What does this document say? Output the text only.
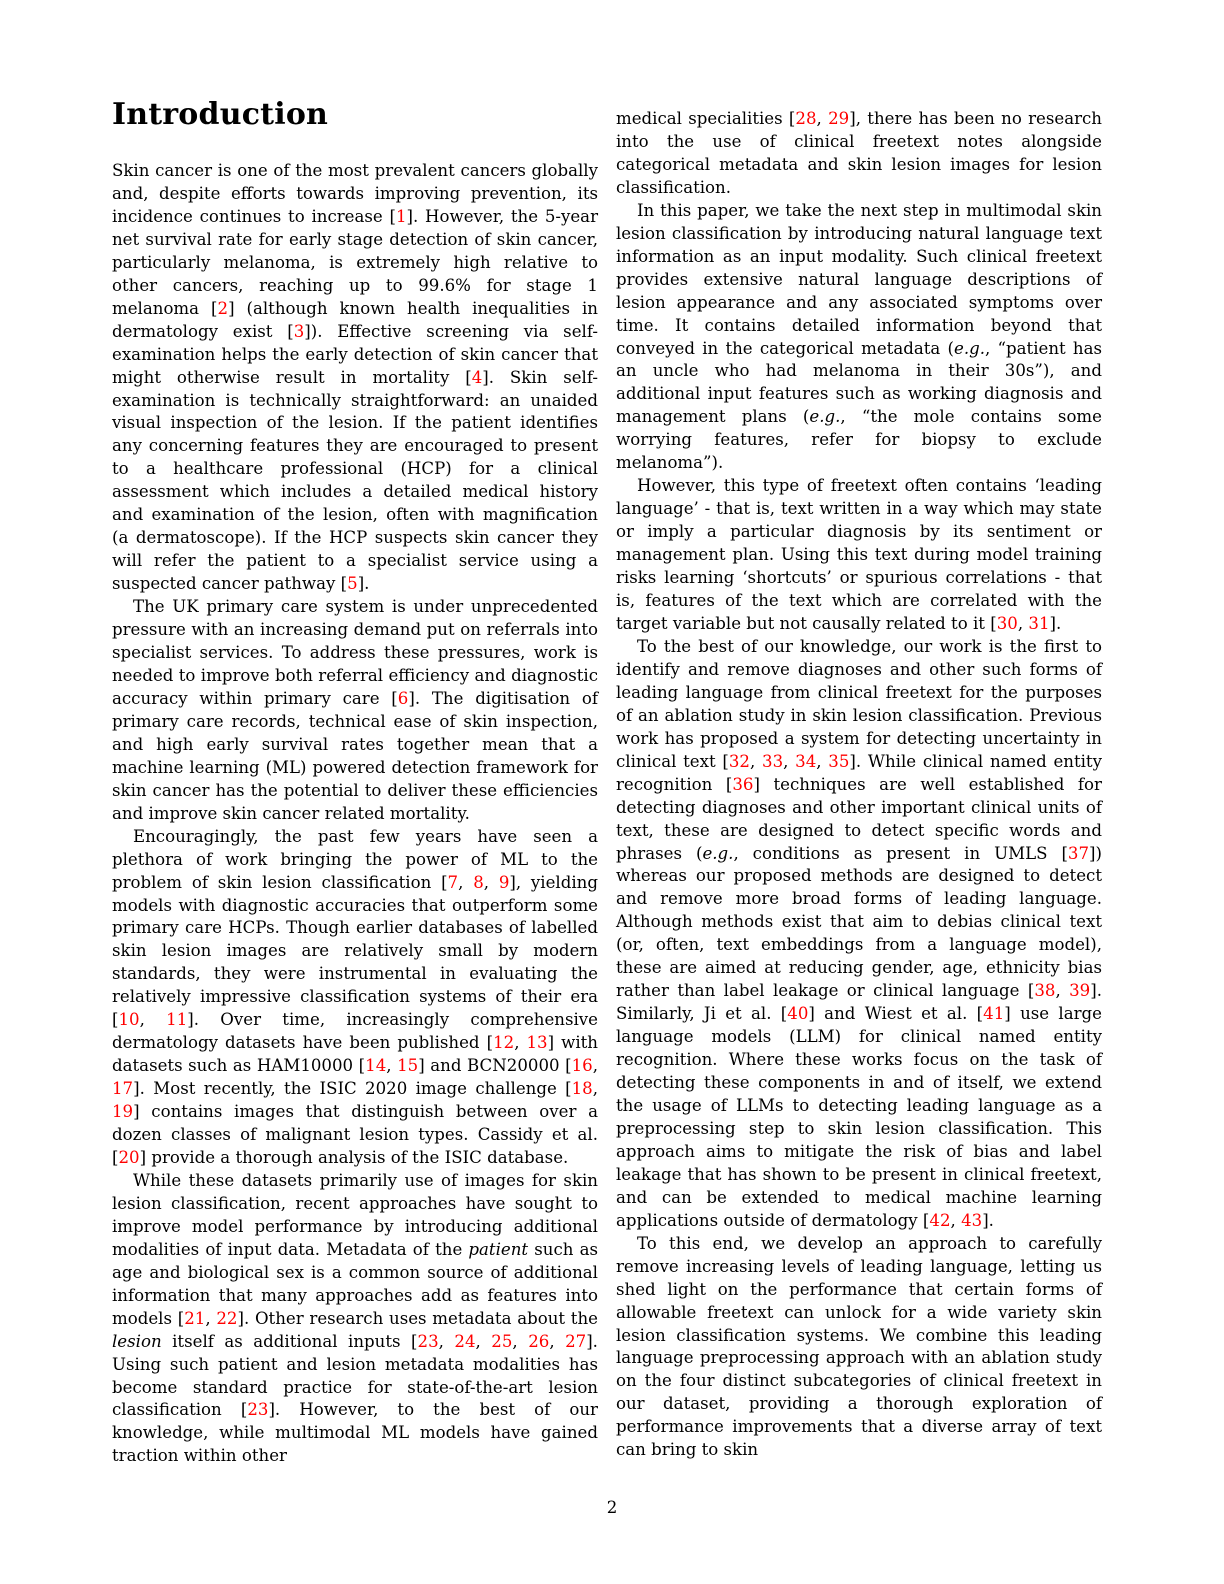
Introduction

Skin cancer is one of the most prevalent cancers globally and, despite efforts towards improving prevention, its incidence continues to increase [1]. However, the 5-year net survival rate for early stage detection of skin cancer, particularly melanoma, is extremely high relative to other cancers, reaching up to 99.6% for stage 1 melanoma [2] (although known health inequalities in dermatology exist [3]). Effective screening via self-examination helps the early detection of skin cancer that might otherwise result in mortality [4]. Skin self-examination is technically straightforward: an unaided visual inspection of the lesion. If the patient identifies any concerning features they are encouraged to present to a healthcare professional (HCP) for a clinical assessment which includes a detailed medical history and examination of the lesion, often with magnification (a dermatoscope). If the HCP suspects skin cancer they will refer the patient to a specialist service using a suspected cancer pathway [5].

The UK primary care system is under unprecedented pressure with an increasing demand put on referrals into specialist services. To address these pressures, work is needed to improve both referral efficiency and diagnostic accuracy within primary care [6]. The digitisation of primary care records, technical ease of skin inspection, and high early survival rates together mean that a machine learning (ML) powered detection framework for skin cancer has the potential to deliver these efficiencies and improve skin cancer related mortality.

Encouragingly, the past few years have seen a plethora of work bringing the power of ML to the problem of skin lesion classification [7, 8, 9], yielding models with diagnostic accuracies that outperform some primary care HCPs. Though earlier databases of labelled skin lesion images are relatively small by modern standards, they were instrumental in evaluating the relatively impressive classification systems of their era [10, 11]. Over time, increasingly comprehensive dermatology datasets have been published [12, 13] with datasets such as HAM10000 [14, 15] and BCN20000 [16, 17]. Most recently, the ISIC 2020 image challenge [18, 19] contains images that distinguish between over a dozen classes of malignant lesion types. Cassidy et al. [20] provide a thorough analysis of the ISIC database.

While these datasets primarily use of images for skin lesion classification, recent approaches have sought to improve model performance by introducing additional modalities of input data. Metadata of the patient such as age and biological sex is a common source of additional information that many approaches add as features into models [21, 22]. Other research uses metadata about the lesion itself as additional inputs [23, 24, 25, 26, 27]. Using such patient and lesion metadata modalities has become standard practice for state-of-the-art lesion classification [23]. However, to the best of our knowledge, while multimodal ML models have gained traction within other

medical specialities [28, 29], there has been no research into the use of clinical freetext notes alongside categorical metadata and skin lesion images for lesion classification.

In this paper, we take the next step in multimodal skin lesion classification by introducing natural language text information as an input modality. Such clinical freetext provides extensive natural language descriptions of lesion appearance and any associated symptoms over time. It contains detailed information beyond that conveyed in the categorical metadata (e.g., “patient has an uncle who had melanoma in their 30s”), and additional input features such as working diagnosis and management plans (e.g., “the mole contains some worrying features, refer for biopsy to exclude melanoma”).

However, this type of freetext often contains ‘leading language’ - that is, text written in a way which may state or imply a particular diagnosis by its sentiment or management plan. Using this text during model training risks learning ‘shortcuts’ or spurious correlations - that is, features of the text which are correlated with the target variable but not causally related to it [30, 31].

To the best of our knowledge, our work is the first to identify and remove diagnoses and other such forms of leading language from clinical freetext for the purposes of an ablation study in skin lesion classification. Previous work has proposed a system for detecting uncertainty in clinical text [32, 33, 34, 35]. While clinical named entity recognition [36] techniques are well established for detecting diagnoses and other important clinical units of text, these are designed to detect specific words and phrases (e.g., conditions as present in UMLS [37]) whereas our proposed methods are designed to detect and remove more broad forms of leading language. Although methods exist that aim to debias clinical text (or, often, text embeddings from a language model), these are aimed at reducing gender, age, ethnicity bias rather than label leakage or clinical language [38, 39]. Similarly, Ji et al. [40] and Wiest et al. [41] use large language models (LLM) for clinical named entity recognition. Where these works focus on the task of detecting these components in and of itself, we extend the usage of LLMs to detecting leading language as a preprocessing step to skin lesion classification. This approach aims to mitigate the risk of bias and label leakage that has shown to be present in clinical freetext, and can be extended to medical machine learning applications outside of dermatology [42, 43].

To this end, we develop an approach to carefully remove increasing levels of leading language, letting us shed light on the performance that certain forms of allowable freetext can unlock for a wide variety skin lesion classification systems. We combine this leading language preprocessing approach with an ablation study on the four distinct subcategories of clinical freetext in our dataset, providing a thorough exploration of performance improvements that a diverse array of text can bring to skin

2
